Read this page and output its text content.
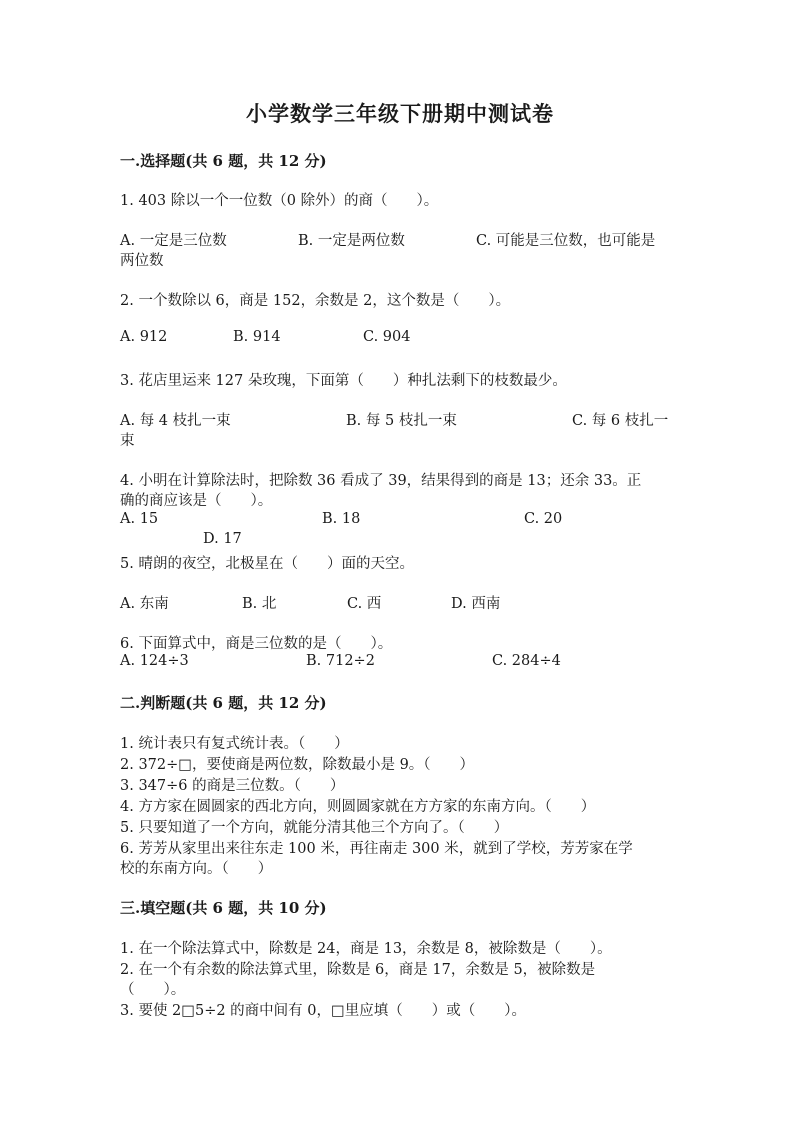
小学数学三年级下册期中测试卷
一.选择题(共 6 题，共 12 分)
1. 403 除以一个一位数（0 除外）的商（　　）。
A. 一定是三位数	B. 一定是两位数	C. 可能是三位数，也可能是
两位数
2. 一个数除以 6，商是 152，余数是 2，这个数是（　　）。
A. 912	B. 914	C. 904
3. 花店里运来 127 朵玫瑰，下面第（　　）种扎法剩下的枝数最少。
A. 每 4 枝扎一束	B. 每 5 枝扎一束	C. 每 6 枝扎一
束
4. 小明在计算除法时，把除数 36 看成了 39，结果得到的商是 13；还余 33。正
确的商应该是（　　）。
A. 15	B. 18	C. 20
D. 17
5. 晴朗的夜空，北极星在（　　）面的天空。
A. 东南	B. 北	C. 西	D. 西南
6. 下面算式中，商是三位数的是（　　）。
A. 124÷3	B. 712÷2	C. 284÷4
二.判断题(共 6 题，共 12 分)
1. 统计表只有复式统计表。（　　）
2. 372÷□，要使商是两位数，除数最小是 9。（　　）
3. 347÷6 的商是三位数。（　　）
4. 方方家在圆圆家的西北方向，则圆圆家就在方方家的东南方向。（　　）
5. 只要知道了一个方向，就能分清其他三个方向了。（　　）
6. 芳芳从家里出来往东走 100 米，再往南走 300 米，就到了学校，芳芳家在学
校的东南方向。（　　）
三.填空题(共 6 题，共 10 分)
1. 在一个除法算式中，除数是 24，商是 13，余数是 8，被除数是（　　）。
2. 在一个有余数的除法算式里，除数是 6，商是 17，余数是 5，被除数是
（　　）。
3. 要使 2□5÷2 的商中间有 0，□里应填（　　）或（　　）。
